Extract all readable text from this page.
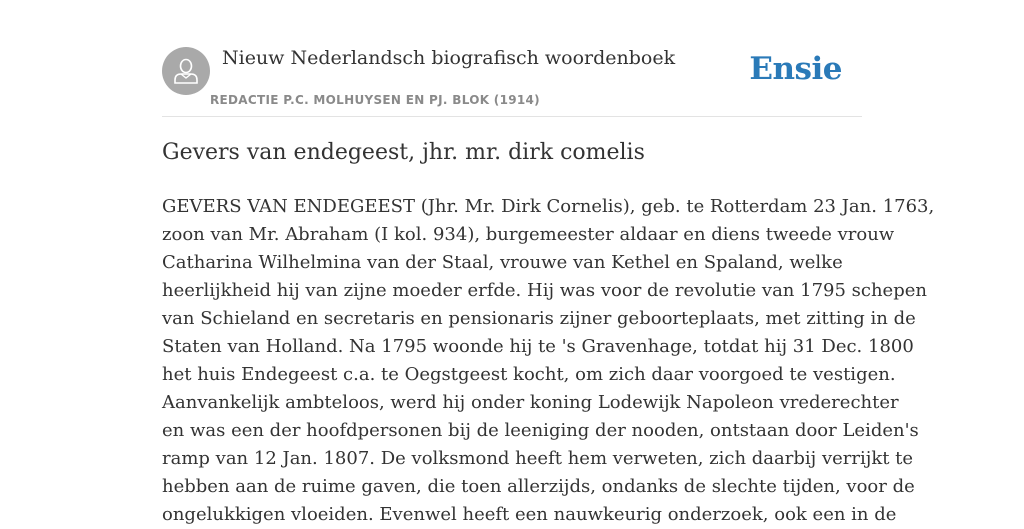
Nieuw Nederlandsch biografisch woordenboek
REDACTIE P.C. MOLHUYSEN EN PJ. BLOK (1914)
Ensie
Gevers van endegeest, jhr. mr. dirk comelis

GEVERS VAN ENDEGEEST (Jhr. Mr. Dirk Cornelis), geb. te Rotterdam 23 Jan. 1763,
zoon van Mr. Abraham (I kol. 934), burgemeester aldaar en diens tweede vrouw
Catharina Wilhelmina van der Staal, vrouwe van Kethel en Spaland, welke
heerlijkheid hij van zijne moeder erfde. Hij was voor de revolutie van 1795 schepen
van Schieland en secretaris en pensionaris zijner geboorteplaats, met zitting in de
Staten van Holland. Na 1795 woonde hij te 's Gravenhage, totdat hij 31 Dec. 1800
het huis Endegeest c.a. te Oegstgeest kocht, om zich daar voorgoed te vestigen.
Aanvankelijk ambteloos, werd hij onder koning Lodewijk Napoleon vrederechter
en was een der hoofdpersonen bij de leeniging der nooden, ontstaan door Leiden's
ramp van 12 Jan. 1807. De volksmond heeft hem verweten, zich daarbij verrijkt te
hebben aan de ruime gaven, die toen allerzijds, ondanks de slechte tijden, voor de
ongelukkigen vloeiden. Evenwel heeft een nauwkeurig onderzoek, ook een in de
